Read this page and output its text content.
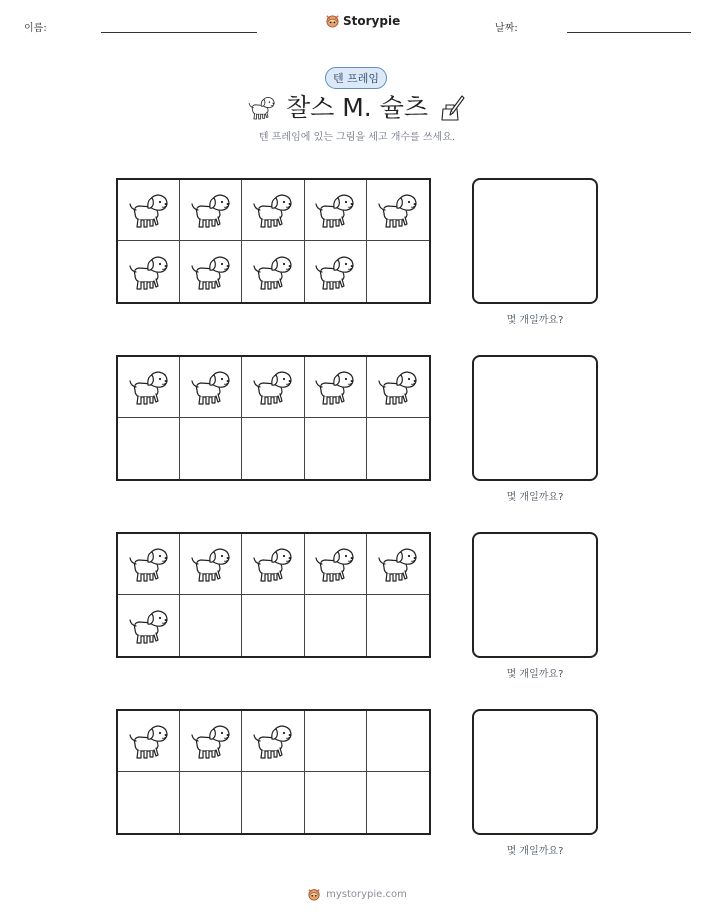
이름:
Storypie
날짜:
텐 프레임
찰스 M. 슐츠
텐 프레임에 있는 그림을 세고 개수를 쓰세요.
몇 개일까요?
몇 개일까요?
몇 개일까요?
몇 개일까요?
mystorypie.com
